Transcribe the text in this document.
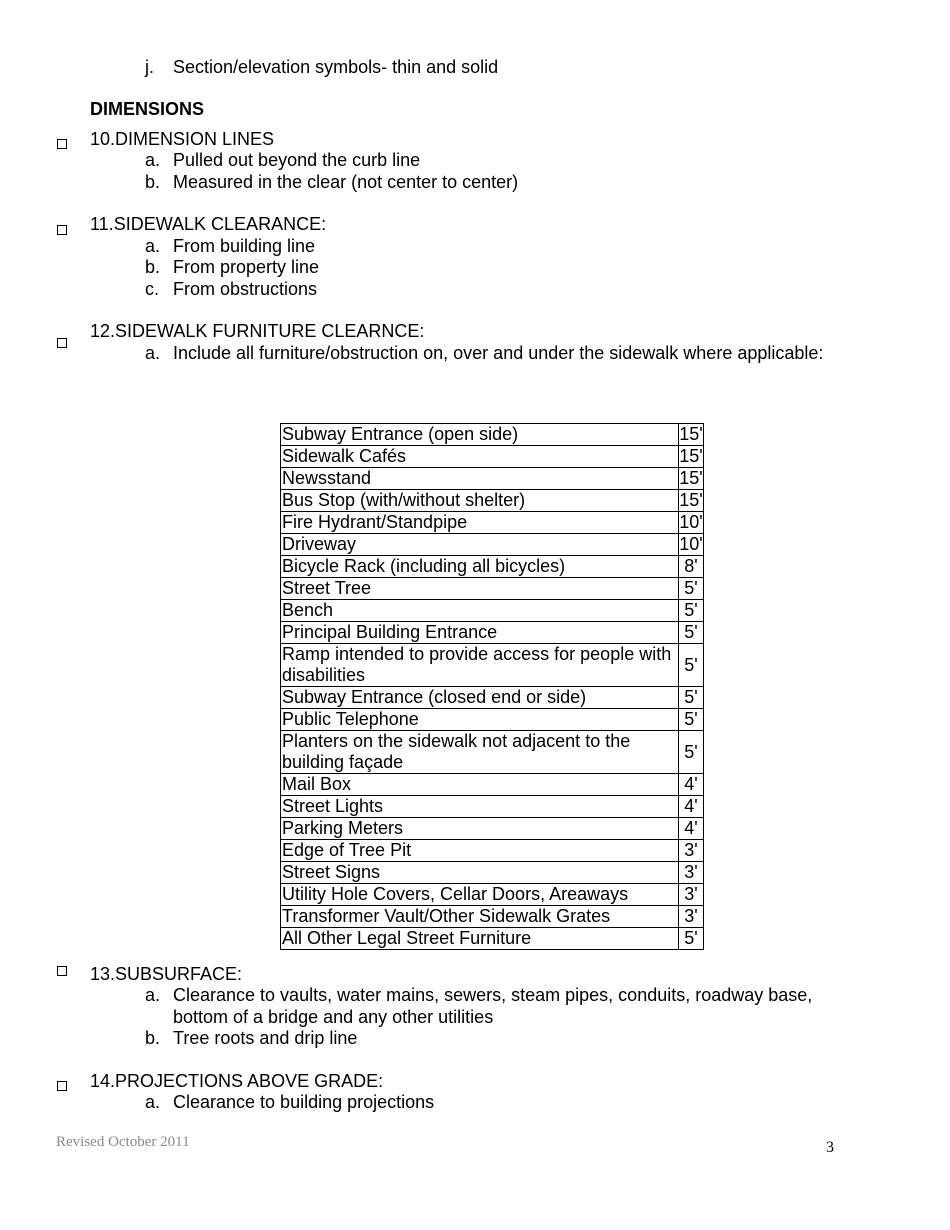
j. Section/elevation symbols- thin and solid
DIMENSIONS
10.DIMENSION LINES
a. Pulled out beyond the curb line
b. Measured in the clear (not center to center)
11.SIDEWALK CLEARANCE:
a. From building line
b. From property line
c. From obstructions
12.SIDEWALK FURNITURE CLEARNCE:
a. Include all furniture/obstruction on, over and under the sidewalk where applicable:
Subway Entrance (open side)	15'
Sidewalk Cafés	15'
Newsstand	15'
Bus Stop (with/without shelter)	15'
Fire Hydrant/Standpipe	10'
Driveway	10'
Bicycle Rack (including all bicycles)	8'
Street Tree	5'
Bench	5'
Principal Building Entrance	5'
Ramp intended to provide access for people with disabilities	5'
Subway Entrance (closed end or side)	5'
Public Telephone	5'
Planters on the sidewalk not adjacent to the building façade	5'
Mail Box	4'
Street Lights	4'
Parking Meters	4'
Edge of Tree Pit	3'
Street Signs	3'
Utility Hole Covers, Cellar Doors, Areaways	3'
Transformer Vault/Other Sidewalk Grates	3'
All Other Legal Street Furniture	5'
13.SUBSURFACE:
a. Clearance to vaults, water mains, sewers, steam pipes, conduits, roadway base, bottom of a bridge and any other utilities
b. Tree roots and drip line
14.PROJECTIONS ABOVE GRADE:
a. Clearance to building projections
Revised October 2011	3
